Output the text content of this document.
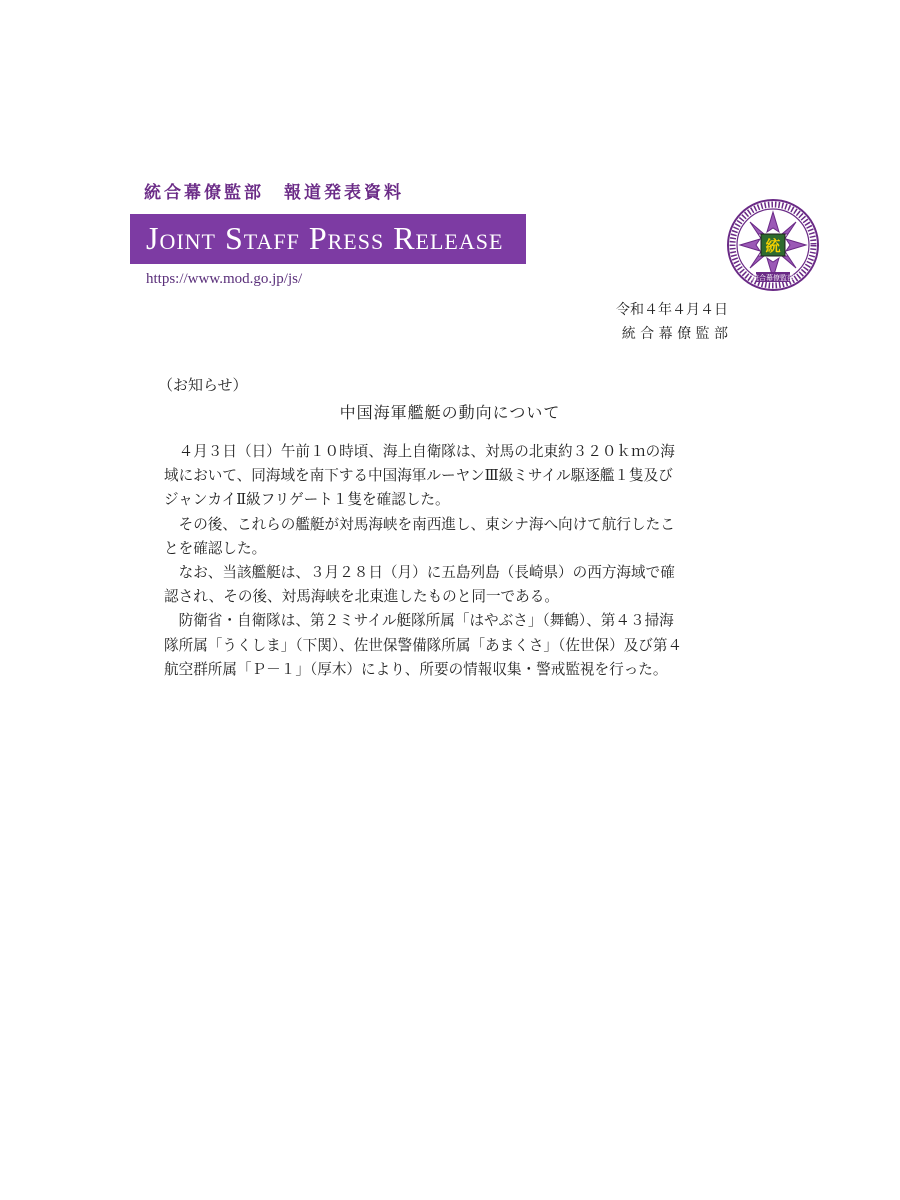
統合幕僚監部　報道発表資料
Joint Staff Press Release
https://www.mod.go.jp/js/
統
統合幕僚監部
令和４年４月４日
統 合 幕 僚 監 部
（お知らせ）
中国海軍艦艇の動向について

４月３日（日）午前１０時頃、海上自衛隊は、対馬の北東約３２０ｋｍの海

域において、同海域を南下する中国海軍ルーヤンⅢ級ミサイル駆逐艦１隻及び

ジャンカイⅡ級フリゲート１隻を確認した。

その後、これらの艦艇が対馬海峡を南西進し、東シナ海へ向けて航行したこ

とを確認した。

なお、当該艦艇は、３月２８日（月）に五島列島（長崎県）の西方海域で確

認され、その後、対馬海峡を北東進したものと同一である。

防衛省・自衛隊は、第２ミサイル艇隊所属「はやぶさ」（舞鶴）、第４３掃海

隊所属「うくしま」（下関）、佐世保警備隊所属「あまくさ」（佐世保）及び第４

航空群所属「Ｐ－１」（厚木）により、所要の情報収集・警戒監視を行った。
